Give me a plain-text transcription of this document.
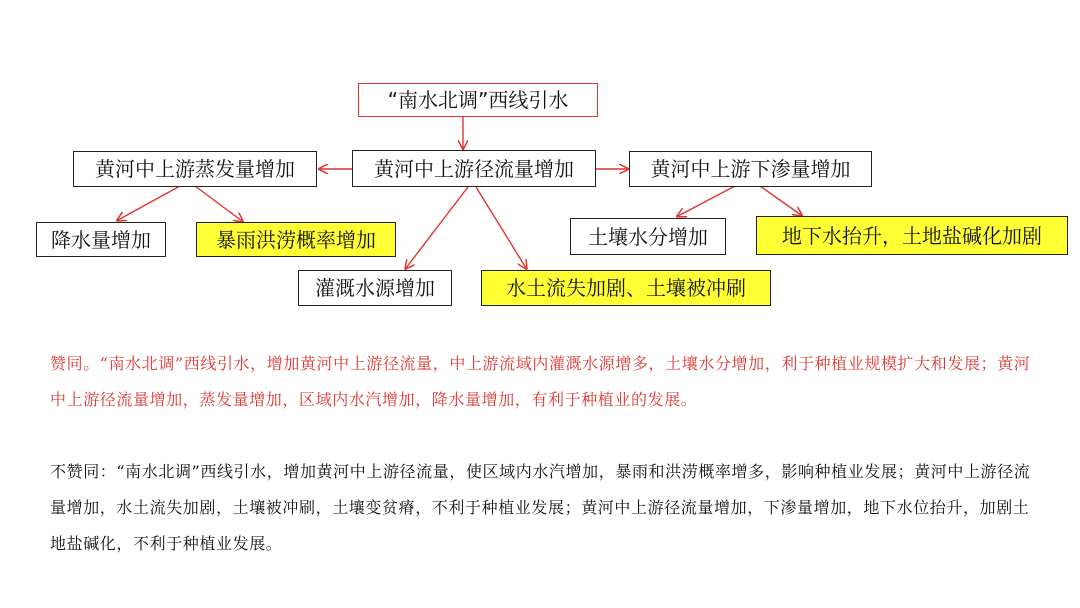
“南水北调”西线引水
黄河中上游径流量增加
黄河中上游蒸发量增加	黄河中上游下渗量增加
降水量增加	暴雨洪涝概率增加
灌溉水源增加	水土流失加剧、土壤被冲刷
土壤水分增加	地下水抬升，土地盐碱化加剧

赞同。“南水北调”西线引水，增加黄河中上游径流量，中上游流域内灌溉水源增多，土壤水分增加，利于种植业规模扩大和发展；黄河中上游径流量增加，蒸发量增加，区域内水汽增加，降水量增加，有利于种植业的发展。

不赞同：“南水北调”西线引水，增加黄河中上游径流量，使区域内水汽增加，暴雨和洪涝概率增多，影响种植业发展；黄河中上游径流量增加，水土流失加剧，土壤被冲刷，土壤变贫瘠，不利于种植业发展；黄河中上游径流量增加，下渗量增加，地下水位抬升，加剧土地盐碱化，不利于种植业发展。
